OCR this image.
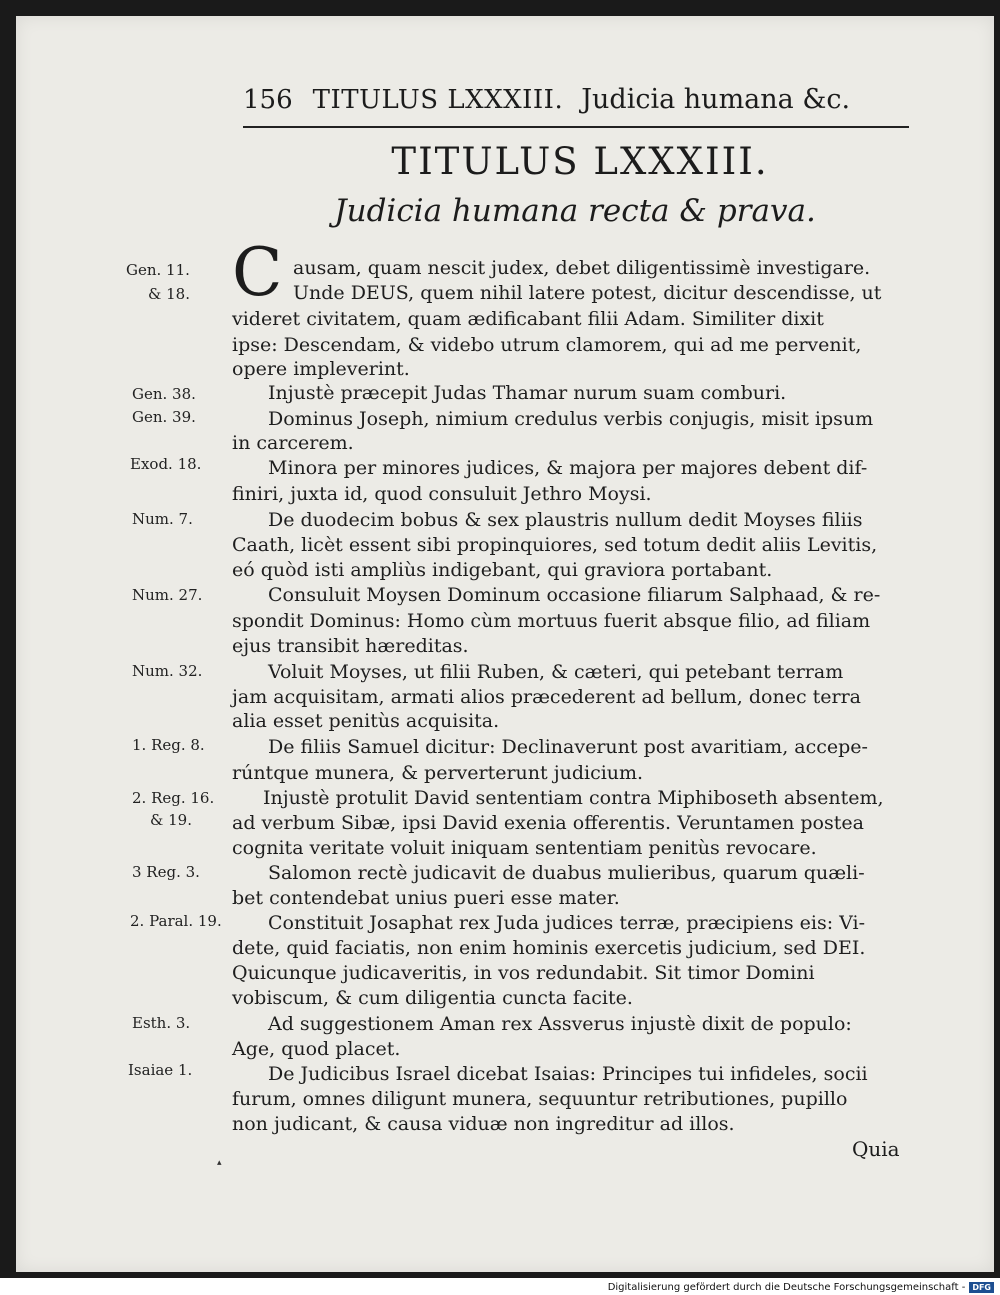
156 TITULUS LXXXIII. Judicia humana &c.
TITULUS LXXXIII.
Judicia humana recta & prava.
C
Gen. 11.
& 18.
Gen. 38.
Gen. 39.
Exod. 18.
Num. 7.
Num. 27.
Num. 32.
1. Reg. 8.
2. Reg. 16.
& 19.
3 Reg. 3.
2. Paral. 19.
Esth. 3.
Isaiae 1.
ausam, quam nescit judex, debet diligentissimè investigare.
Unde DEUS, quem nihil latere potest, dicitur descendisse, ut
videret civitatem, quam ædificabant filii Adam. Similiter dixit
ipse: Descendam, & videbo utrum clamorem, qui ad me pervenit,
opere impleverint.
Injustè præcepit Judas Thamar nurum suam comburi.
Dominus Joseph, nimium credulus verbis conjugis, misit ipsum
in carcerem.
Minora per minores judices, & majora per majores debent dif-
finiri, juxta id, quod consuluit Jethro Moysi.
De duodecim bobus & sex plaustris nullum dedit Moyses filiis
Caath, licèt essent sibi propinquiores, sed totum dedit aliis Levitis,
eó quòd isti ampliùs indigebant, qui graviora portabant.
Consuluit Moysen Dominum occasione filiarum Salphaad, & re-
spondit Dominus: Homo cùm mortuus fuerit absque filio, ad filiam
ejus transibit hæreditas.
Voluit Moyses, ut filii Ruben, & cæteri, qui petebant terram
jam acquisitam, armati alios præcederent ad bellum, donec terra
alia esset penitùs acquisita.
De filiis Samuel dicitur: Declinaverunt post avaritiam, accepe-
rúntque munera, & perverterunt judicium.
Injustè protulit David sententiam contra Miphiboseth absentem,
ad verbum Sibæ, ipsi David exenia offerentis. Veruntamen postea
cognita veritate voluit iniquam sententiam penitùs revocare.
Salomon rectè judicavit de duabus mulieribus, quarum quæli-
bet contendebat unius pueri esse mater.
Constituit Josaphat rex Juda judices terræ, præcipiens eis: Vi-
dete, quid faciatis, non enim hominis exercetis judicium, sed DEI.
Quicunque judicaveritis, in vos redundabit. Sit timor Domini
vobiscum, & cum diligentia cuncta facite.
Ad suggestionem Aman rex Assverus injustè dixit de populo:
Age, quod placet.
De Judicibus Israel dicebat Isaias: Principes tui infideles, socii
furum, omnes diligunt munera, sequuntur retributiones, pupillo
non judicant, & causa viduæ non ingreditur ad illos.
Quia
▴
Digitalisierung gefördert durch die Deutsche Forschungsgemeinschaft - DFG
